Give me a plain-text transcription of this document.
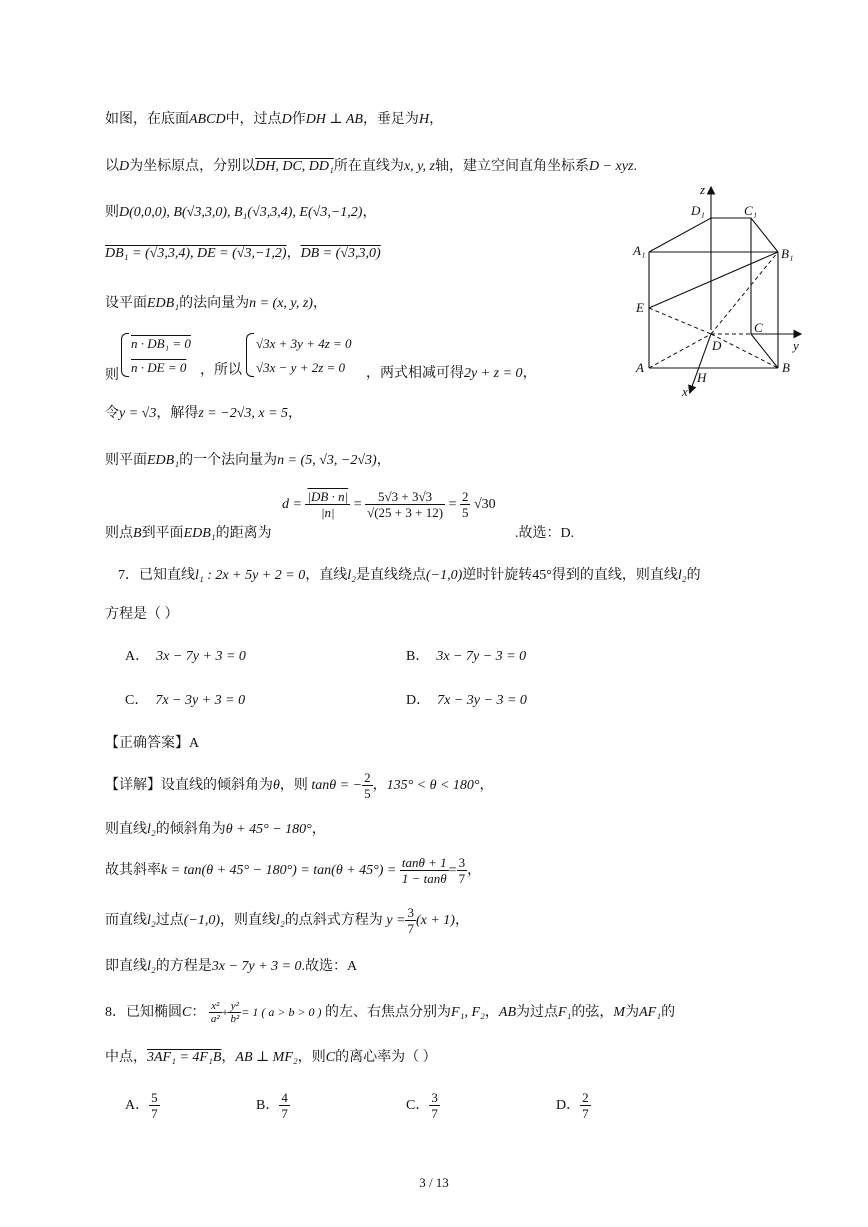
如图，在底面ABCD中，过点D作DH ⊥ AB，垂足为H，
以D为坐标原点，分别以DH, DC, DD₁所在直线为x, y, z轴，建立空间直角坐标系D − xyz.
则D(0,0,0), B(√3,3,0), B₁(√3,3,4), E(√3,−1,2)，
DB₁ = (√3,3,4), DE = (√3,−1,2)，DB = (√3,3,0)
设平面EDB₁的法向量为n = (x, y, z)，
则
n · DB₁ = 0
n · DE = 0 ，所以
√3x + 3y + 4z = 0
√3x − y + 2z = 0	，两式相减可得2y + z = 0，
令y = √3，解得z = −2√3, x = 5，
则平面EDB₁的一个法向量为n = (5, √3, −2√3)，
则点B到平面EDB₁的距离为
$d = \frac{|DB \cdot n|}{|n|} = \frac{5√3 + 3√3}{√(25 + 3 + 12)} = \frac{2}{5} √30$
.故选：D.
z
D₁	C₁
A₁	B₁
E
C
D	y
A
H
B
x
7．已知直线l₁ : 2x + 5y + 2 = 0，直线l₂是直线绕点(−1,0)逆时针旋转45°得到的直线，则直线l₂的
方程是（ ）
A． 3x − 7y + 3 = 0	B． 3x − 7y − 3 = 0
C． 7x − 3y + 3 = 0	D． 7x − 3y − 3 = 0
【正确答案】A
【详解】设直线的倾斜角为θ，则 tanθ = − $\frac{2}{5}$ ，135° < θ < 180°，
则直线l₂的倾斜角为θ + 45° − 180°，
故其斜率$k = \tan(\theta + 45^\circ - 180^\circ) = \tan(\theta + 45^\circ) = \frac{\tan\theta + 1}{1 - \tan\theta} = \frac{3}{7}$ ，
而直线l₂过点(−1,0)，则直线l₂的点斜式方程为 $y = \frac{3}{7} (x + 1)$，
即直线l₂的方程是3x − 7y + 3 = 0.故选：A
8．已知椭圆C： $\frac{\text{x²}}{\text{a²}} + \frac{\text{y²}}{\text{b²}} = 1$ ( a > b > 0 ) 的左、右焦点分别为F₁, F₂，AB为过点F₁的弦，M为AF₁的
中点，3AF₁ = 4F₁B，AB ⊥ MF₂，则C的离心率为（ ）
A． $\frac{5}{7}$	B． $\frac{4}{7}$	C． $\frac{3}{7}$	D． $\frac{2}{7}$
3 / 13
